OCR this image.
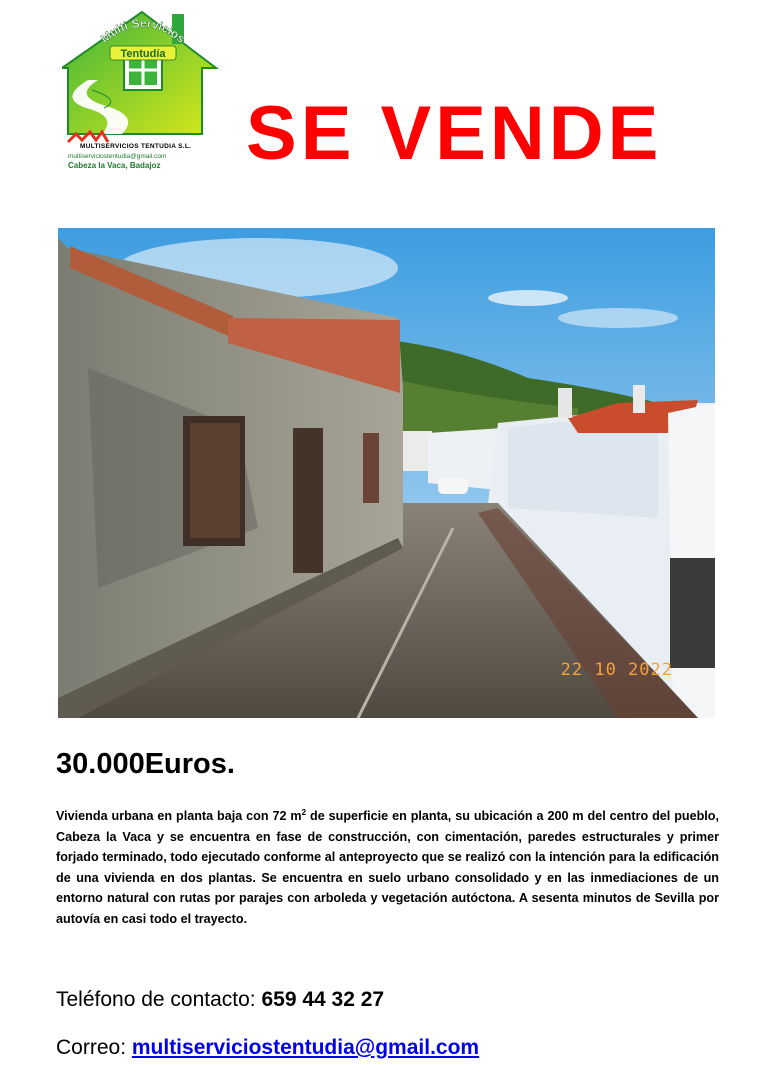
Multi Servicios
Tentudía
MULTISERVICIOS TENTUDIA S.L.
multiserviciostentudia@gmail.com
Cabeza la Vaca, Badajoz SE VENDE
22 10 2022
30.000Euros.

Vivienda urbana en planta baja con 72 $m^2$ de superficie en planta, su ubicación a 200 m del centro del pueblo, Cabeza la Vaca y se encuentra en fase de construcción, con cimentación, paredes estructurales y primer forjado terminado, todo ejecutado conforme al anteproyecto que se realizó con la intención para la edificación de una vivienda en dos plantas. Se encuentra en suelo urbano consolidado y en las inmediaciones de un entorno natural con rutas por parajes con arboleda y vegetación autóctona. A sesenta minutos de Sevilla por autovía en casi todo el trayecto.

Teléfono de contacto: 659 44 32 27
Correo: multiserviciostentudia@gmail.com
